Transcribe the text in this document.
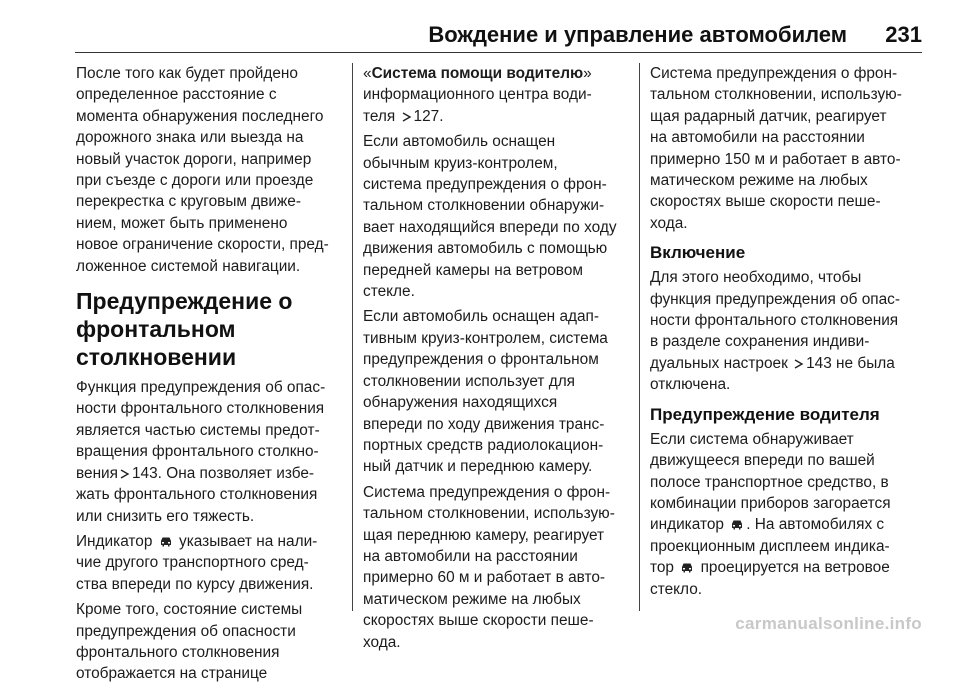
Вождение и управление автомобилем 231

После того как будет пройдено
определенное расстояние с
момента обнаружения последнего
дорожного знака или выезда на
новый участок дороги, например
при съезде с дороги или проезде
перекрестка с круговым движе-
нием, может быть применено
новое ограничение скорости, пред-
ложенное системой навигации.

Предупреждение о
фронтальном
столкновении

Функция предупреждения об опас-
ности фронтального столкновения
является частью системы предот-
вращения фронтального столкно-
вения 143. Она позволяет избе-
жать фронтального столкновения
или снизить его тяжесть.

Индикатор указывает на нали-
чие другого транспортного сред-
ства впереди по курсу движения.

Кроме того, состояние системы
предупреждения об опасности
фронтального столкновения
отображается на странице

«Система помощи водителю»
информационного центра води-
теля 127.

Если автомобиль оснащен
обычным круиз-контролем,
система предупреждения о фрон-
тальном столкновении обнаружи-
вает находящийся впереди по ходу
движения автомобиль с помощью
передней камеры на ветровом
стекле.

Если автомобиль оснащен адап-
тивным круиз-контролем, система
предупреждения о фронтальном
столкновении использует для
обнаружения находящихся
впереди по ходу движения транс-
портных средств радиолокацион-
ный датчик и переднюю камеру.

Система предупреждения о фрон-
тальном столкновении, использую-
щая переднюю камеру, реагирует
на автомобили на расстоянии
примерно 60 м и работает в авто-
матическом режиме на любых
скоростях выше скорости пеше-
хода.

Система предупреждения о фрон-
тальном столкновении, использую-
щая радарный датчик, реагирует
на автомобили на расстоянии
примерно 150 м и работает в авто-
матическом режиме на любых
скоростях выше скорости пеше-
хода.

Включение

Для этого необходимо, чтобы
функция предупреждения об опас-
ности фронтального столкновения
в разделе сохранения индиви-
дуальных настроек 143 не была
отключена.

Предупреждение водителя

Если система обнаруживает
движущееся впереди по вашей
полосе транспортное средство, в
комбинации приборов загорается
индикатор . На автомобилях с
проекционным дисплеем индика-
тор проецируется на ветровое
стекло.

carmanualsonline.info
